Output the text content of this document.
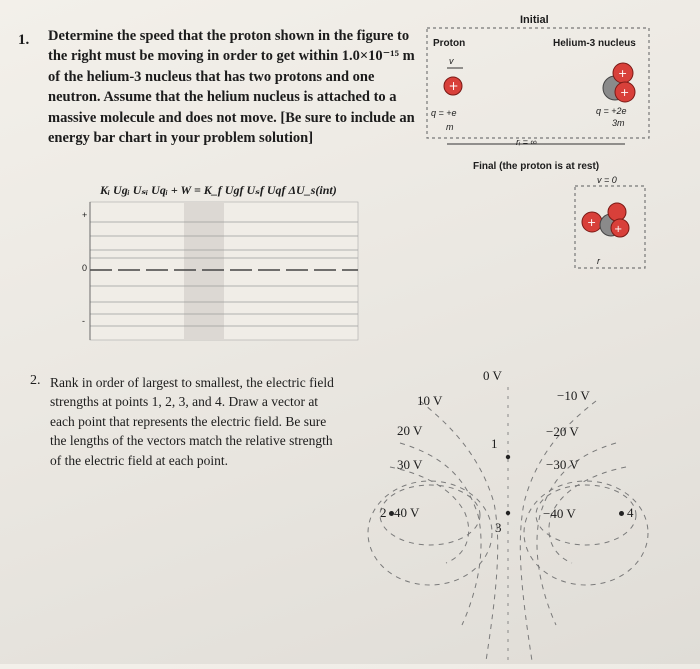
1. Determine the speed that the proton shown in the figure to the right must be moving in order to get within 1.0×10⁻¹⁵ m of the helium-3 nucleus that has two protons and one neutron. Assume that the helium nucleus is attached to a massive molecule and does not move. [Be sure to include an energy bar chart in your problem solution]
Kᵢ Uɡᵢ Uₛᵢ Uqᵢ + W = K_f Uɡf Uₛf Uqf ΔU_s(int)
+
0
-
+
+
+
+
+
Initial
Proton	Helium-3 nucleus
v
q = +e
m
q = +2e
3m
rᵢ = ∞
Final (the proton is at rest)
v = 0
r
2. Rank in order of largest to smallest, the electric field strengths at points 1, 2, 3, and 4. Draw a vector at each point that represents the electric field. Be sure the lengths of the vectors match the relative strength of the electric field at each point.
0 V
10 V
20 V
30 V
40 V
−10 V
−20 V
−30 V
−40 V
1
2
3
4
